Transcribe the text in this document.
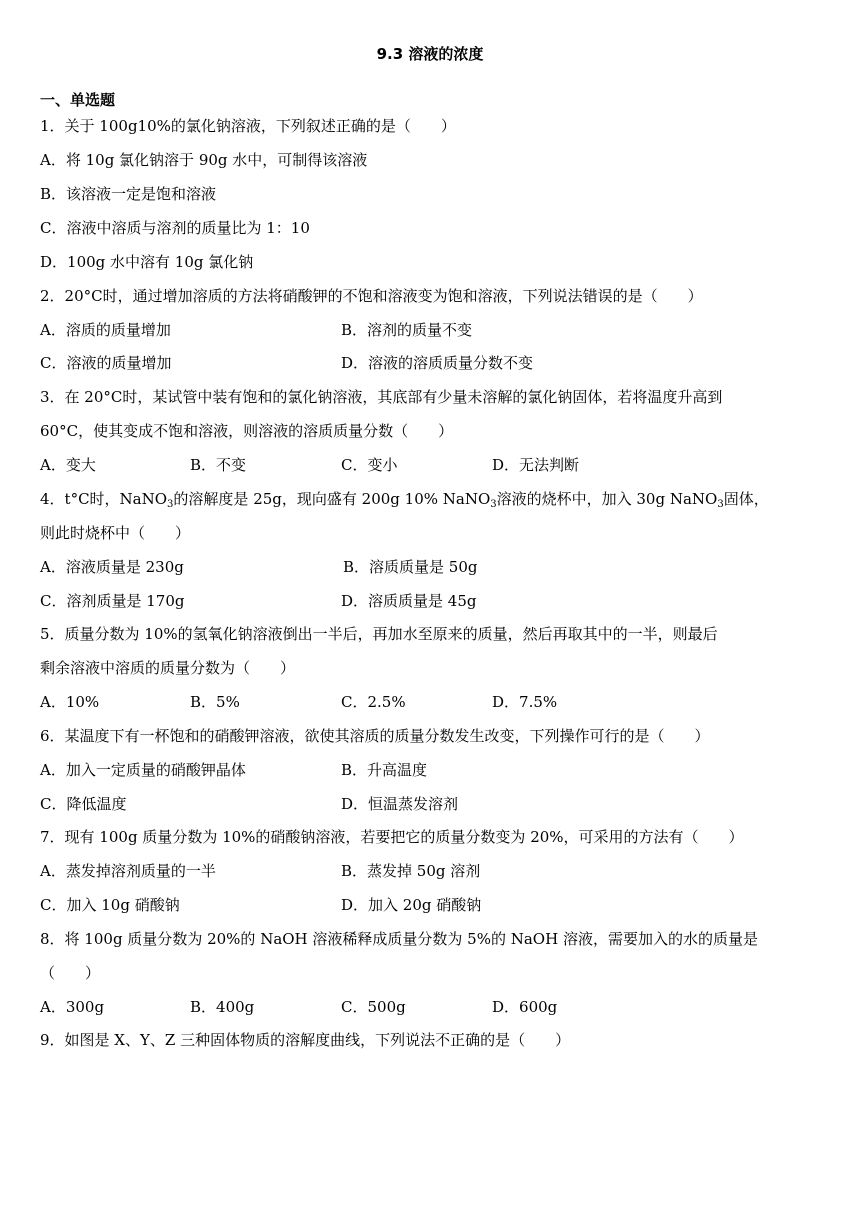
9.3 溶液的浓度
一、单选题
1．关于 100g10%的氯化钠溶液，下列叙述正确的是（　　）
A．将 10g 氯化钠溶于 90g 水中，可制得该溶液
B．该溶液一定是饱和溶液
C．溶液中溶质与溶剂的质量比为 1：10
D．100g 水中溶有 10g 氯化钠
2．20°C时，通过增加溶质的方法将硝酸钾的不饱和溶液变为饱和溶液，下列说法错误的是（　　）
A．溶质的质量增加	B．溶剂的质量不变
C．溶液的质量增加	D．溶液的溶质质量分数不变
3．在 20°C时，某试管中装有饱和的氯化钠溶液，其底部有少量未溶解的氯化钠固体，若将温度升高到
60°C，使其变成不饱和溶液，则溶液的溶质质量分数（　　）
A．变大	B．不变	C．变小	D．无法判断
4．t°C时，NaNO$_3$的溶解度是 25g，现向盛有 200g 10% NaNO$_3$溶液的烧杯中，加入 30g NaNO$_3$固体，
则此时烧杯中（　　）
A．溶液质量是 230g	B．溶质质量是 50g
C．溶剂质量是 170g	D．溶质质量是 45g
5．质量分数为 10%的氢氧化钠溶液倒出一半后，再加水至原来的质量，然后再取其中的一半，则最后
剩余溶液中溶质的质量分数为（　　）
A．10%	B．5%	C．2.5%	D．7.5%
6．某温度下有一杯饱和的硝酸钾溶液，欲使其溶质的质量分数发生改变，下列操作可行的是（　　）
A．加入一定质量的硝酸钾晶体	B．升高温度
C．降低温度	D．恒温蒸发溶剂
7．现有 100g 质量分数为 10%的硝酸钠溶液，若要把它的质量分数变为 20%，可采用的方法有（　　）
A．蒸发掉溶剂质量的一半	B．蒸发掉 50g 溶剂
C．加入 10g 硝酸钠	D．加入 20g 硝酸钠
8．将 100g 质量分数为 20%的 NaOH 溶液稀释成质量分数为 5%的 NaOH 溶液，需要加入的水的质量是
（　　）
A．300g	B．400g	C．500g	D．600g
9．如图是 X、Y、Z 三种固体物质的溶解度曲线，下列说法不正确的是（　　）
